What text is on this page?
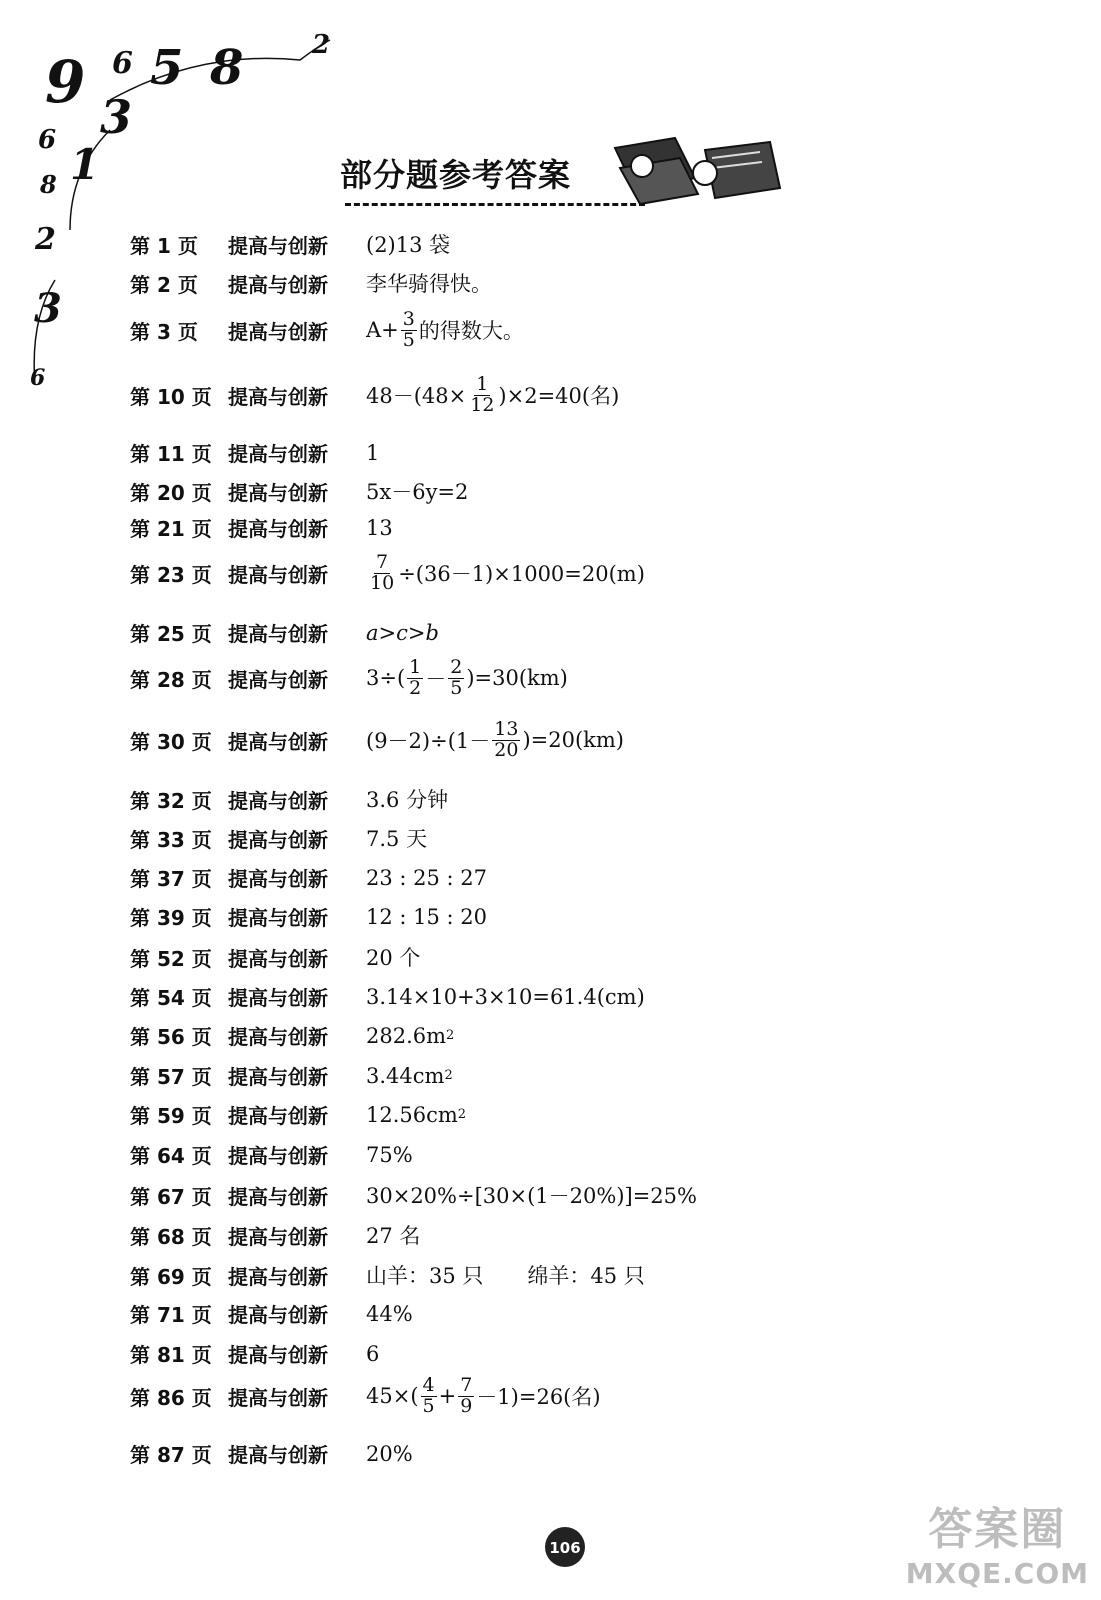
9 6 5 8	2
3
1
6
8
2
3
6
部分题参考答案
第 1 页	提高与创新	(2)13 袋
第 2 页	提高与创新	李华骑得快。
第 3 页	提高与创新	$A+ \frac{3}{5}$ 的得数大。
第 10 页 提高与创新	$48-(48\times \frac{1}{12} )\times 2=40$(名)
第 11 页 提高与创新	1
第 20 页 提高与创新	5x－6y=2
第 21 页 提高与创新	13
第 23 页 提高与创新	$\frac{7}{10} \div(36-1)\times 1000=20(m)$
第 25 页 提高与创新	a>c>b
第 28 页 提高与创新	$3\div( \frac{1}{2} - \frac{2}{5} )=30(km)$
第 30 页 提高与创新	$(9-2)\div(1- \frac{13}{20} )=20(km)$
第 32 页 提高与创新	3.6 分钟
第 33 页 提高与创新	7.5 天
第 37 页 提高与创新	23 : 25 : 27
第 39 页 提高与创新	12 : 15 : 20
第 52 页 提高与创新	20 个
第 54 页 提高与创新	3.14×10+3×10=61.4(cm)
第 56 页 提高与创新	282.6m 2
第 57 页 提高与创新	3.44cm 2
第 59 页 提高与创新	12.56cm 2
第 64 页 提高与创新	75%
第 67 页 提高与创新	30×20%÷[30×(1－20%)]=25%
第 68 页 提高与创新	27 名
第 69 页 提高与创新	山羊：35 只 绵羊：45 只
第 71 页 提高与创新	44%
第 81 页 提高与创新	6
第 86 页 提高与创新	$45\times( \frac{4}{5} + \frac{7}{9} -1)=26$(名)
第 87 页 提高与创新	20%
106	答案圈
MXQE.COM
